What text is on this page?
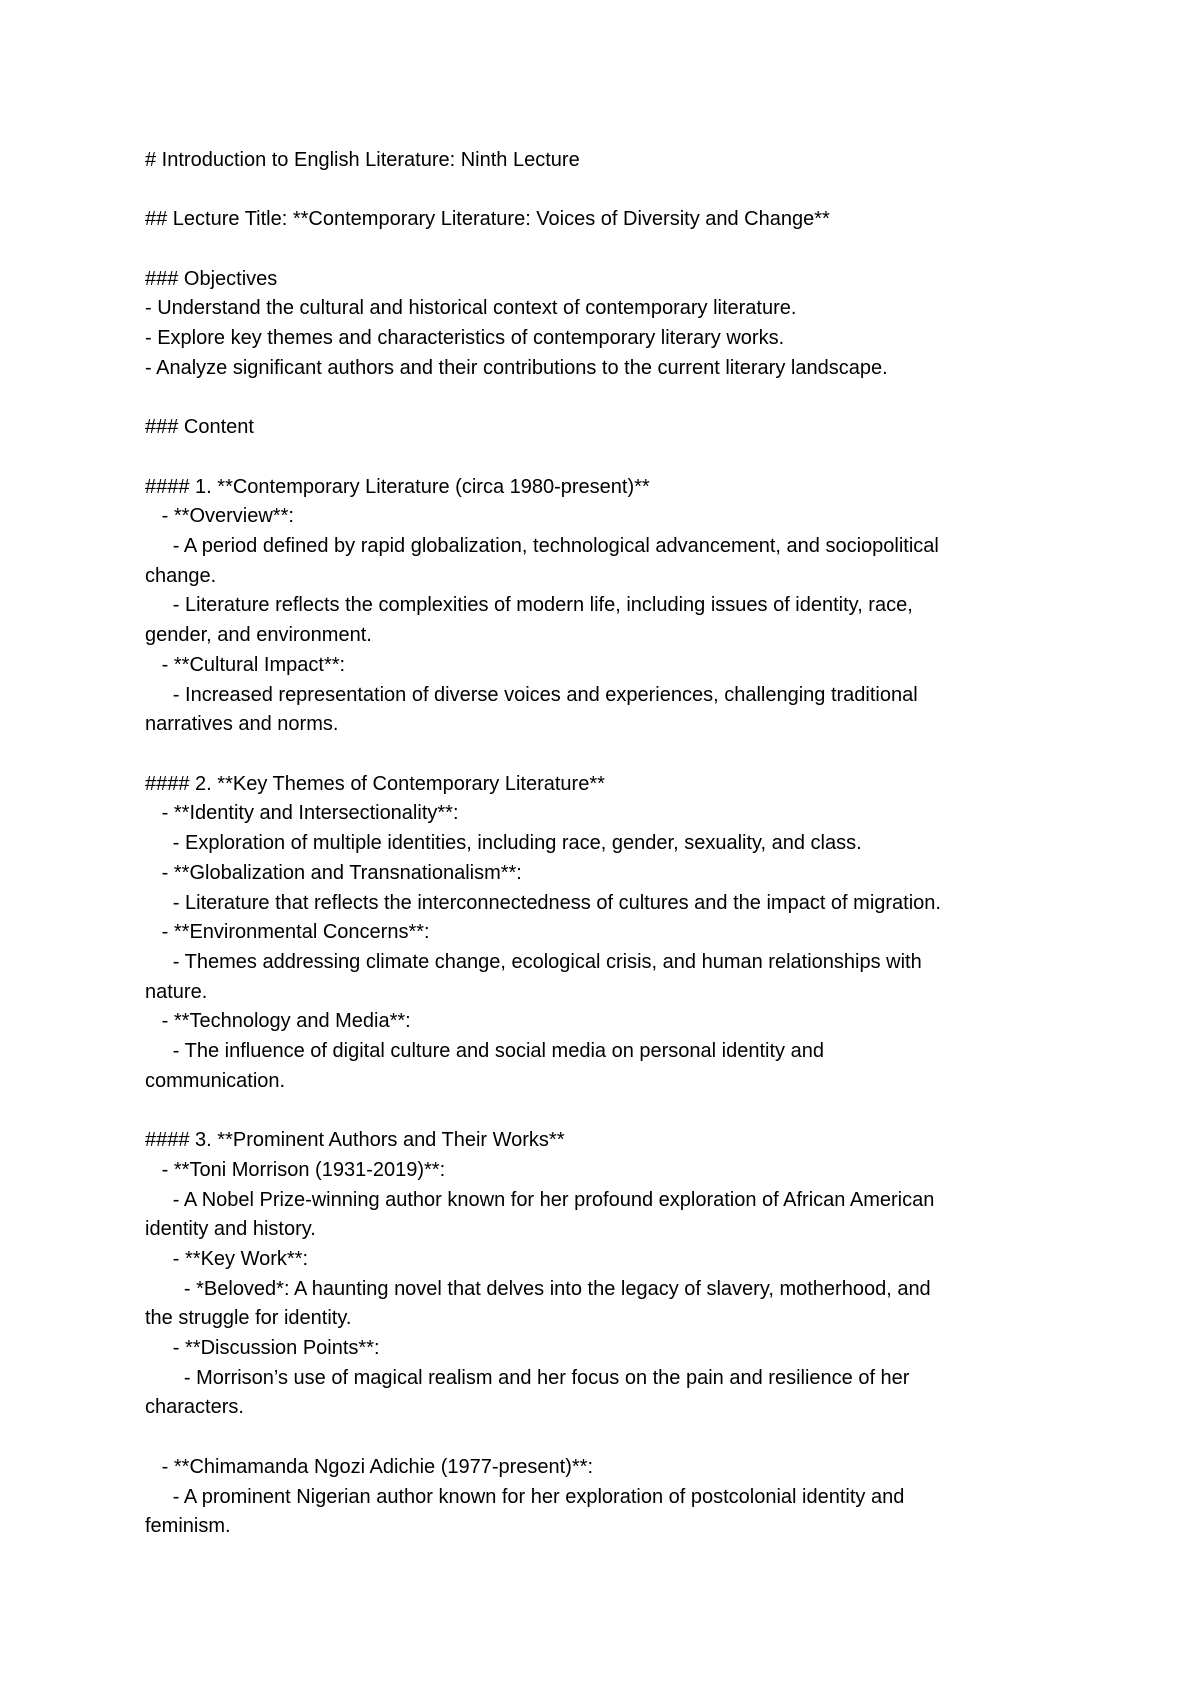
# Introduction to English Literature: Ninth Lecture
## Lecture Title: **Contemporary Literature: Voices of Diversity and Change**
### Objectives
- Understand the cultural and historical context of contemporary literature.
- Explore key themes and characteristics of contemporary literary works.
- Analyze significant authors and their contributions to the current literary landscape.
### Content
#### 1. **Contemporary Literature (circa 1980-present)**
- **Overview**:
- A period defined by rapid globalization, technological advancement, and sociopolitical
change.
- Literature reflects the complexities of modern life, including issues of identity, race,
gender, and environment.
- **Cultural Impact**:
- Increased representation of diverse voices and experiences, challenging traditional
narratives and norms.
#### 2. **Key Themes of Contemporary Literature**
- **Identity and Intersectionality**:
- Exploration of multiple identities, including race, gender, sexuality, and class.
- **Globalization and Transnationalism**:
- Literature that reflects the interconnectedness of cultures and the impact of migration.
- **Environmental Concerns**:
- Themes addressing climate change, ecological crisis, and human relationships with
nature.
- **Technology and Media**:
- The influence of digital culture and social media on personal identity and
communication.
#### 3. **Prominent Authors and Their Works**
- **Toni Morrison (1931-2019)**:
- A Nobel Prize-winning author known for her profound exploration of African American
identity and history.
- **Key Work**:
- *Beloved*: A haunting novel that delves into the legacy of slavery, motherhood, and
the struggle for identity.
- **Discussion Points**:
- Morrison’s use of magical realism and her focus on the pain and resilience of her
characters.
- **Chimamanda Ngozi Adichie (1977-present)**:
- A prominent Nigerian author known for her exploration of postcolonial identity and
feminism.
